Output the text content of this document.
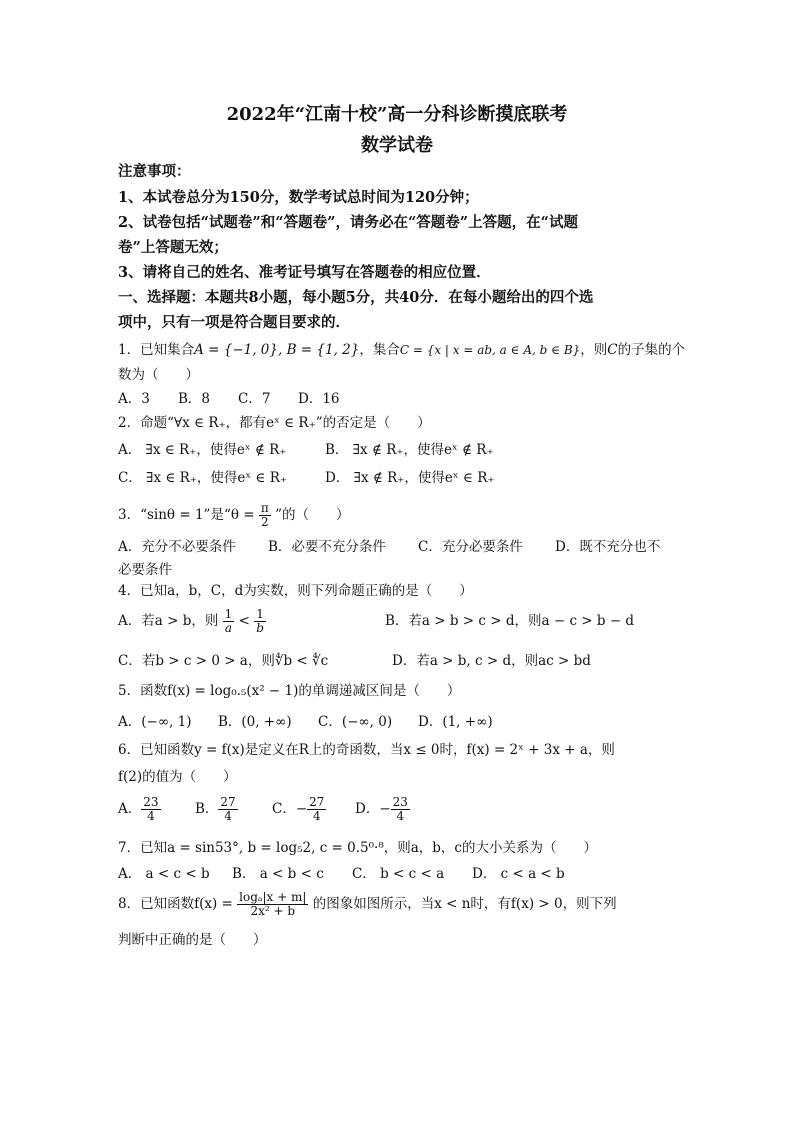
2022年“江南十校”高一分科诊断摸底联考
数学试卷
注意事项：
1、本试卷总分为150分，数学考试总时间为120分钟；
2、试卷包括“试题卷”和“答题卷”，请务必在“答题卷”上答题，在“试题
卷”上答题无效；
3、请将自己的姓名、准考证号填写在答题卷的相应位置．
一、选择题：本题共8小题，每小题5分，共40分．在每小题给出的四个选
项中，只有一项是符合题目要求的．
1．已知集合A = {−1, 0}, B = {1, 2}，集合C = {x | x = ab, a ∈ A, b ∈ B}，则C的子集的个
数为（　　）
A．3 B．8 C．7 D．16
2．命题“∀x ∈ R₊，都有eˣ ∈ R₊”的否定是（　　）
A． ∃x ∈ R₊，使得eˣ ∉ R₊	B． ∃x ∉ R₊，使得eˣ ∉ R₊
C． ∃x ∈ R₊，使得eˣ ∈ R₊	D． ∃x ∉ R₊，使得eˣ ∈ R₊
3．“sinθ = 1”是“$\theta = \frac{\pi}{2}$ ”的（　　）
A．充分不必要条件 B．必要不充分条件 C．充分必要条件 D．既不充分也不
必要条件
4．已知a，b，C，d为实数，则下列命题正确的是（　　）
A．若a > b，则 $\frac{1}{a} < \frac{1}{b}$	B．若a > b > c > d，则a − c > b − d
C．若b > c > 0 > a，则∜b < ∜c	D．若a > b, c > d，则ac > bd
5．函数f(x) = log₀.₅(x² − 1)的单调递减区间是（　　）
A．(−∞, 1) B．(0, +∞) C．(−∞, 0) D．(1, +∞)
6．已知函数y = f(x)是定义在R上的奇函数，当x ≤ 0时，f(x) = 2ˣ + 3x + a，则
f(2)的值为（　　）
A． $\frac{23}{4}$	B． $\frac{27}{4}$	C．− $\frac{27}{4}$ D．− $\frac{23}{4}$
7．已知a = sin53°, b = log₅2, c = 0.5⁰·⁸，则a，b，c的大小关系为（　　）
A． a < c < b B． a < b < c C． b < c < a D． c < a < b
8．已知函数$f(x) = \frac{\text{logₐ|x + m|}}{\text{2x² + b}}$ 的图象如图所示，当x < n时，有f(x) > 0，则下列
判断中正确的是（　　）
